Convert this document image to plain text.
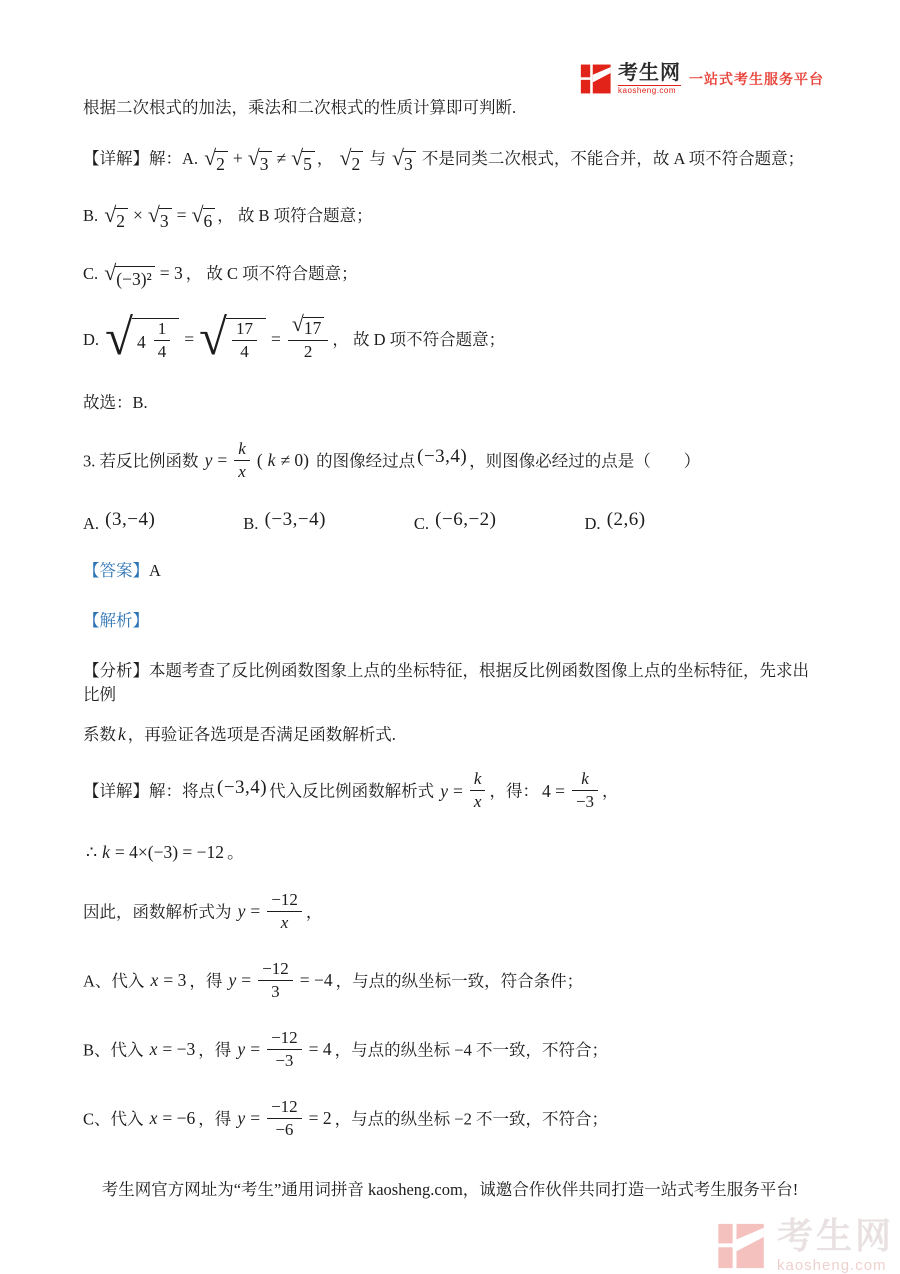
考生网
kaosheng.com
一站式考生服务平台
根据二次根式的加法，乘法和二次根式的性质计算即可判断.
【详解】解：A. √ 2 + √ 3 ≠ √ 5 ， √ 2 与 √ 3 不是同类二次根式，不能合并，故 A 项不符合题意；
B. √ 2 × √ 3 = √ 6 ， 故 B 项符合题意；
C. √ (−3)² = 3 ， 故 C 项不符合题意；
D. √ $4 \frac{1}{4}$ = √ $\frac{17}{4} = \frac{√ 17}{2}$ ， 故 D 项不符合题意；
故选：B.
3. 若反比例函数 $y = \frac{k}{x}$ ( k ≠ 0) 的图像经过点 (−3,4) ，则图像必经过的点是（　　）
A. (3,−4)	B. (−3,−4)	C. (−6,−2)	D. (2,6)
【答案】A
【解析】
【分析】本题考查了反比例函数图象上点的坐标特征，根据反比例函数图像上点的坐标特征，先求出比例
系数 k ，再验证各选项是否满足函数解析式.
【详解】解：将点 (−3,4) 代入反比例函数解析式 $y = \frac{k}{x}$ ，得： $4 = \frac{k}{-3}$ ，
∴ k = 4×(−3) = −12 。
因此，函数解析式为 $y = \frac{-12}{x}$ ，
A、代入 x = 3 ，得 $y = \frac{-12}{3} = -4$ ，与点的纵坐标一致，符合条件；
B、代入 x = −3 ，得 $y = \frac{-12}{-3} = 4$ ，与点的纵坐标 −4 不一致，不符合；
C、代入 x = −6 ，得 $y = \frac{-12}{-6} = 2$ ，与点的纵坐标 −2 不一致，不符合；
考生网官方网址为“考生”通用词拼音 kaosheng.com，诚邀合作伙伴共同打造一站式考生服务平台!
考生网
kaosheng.com
